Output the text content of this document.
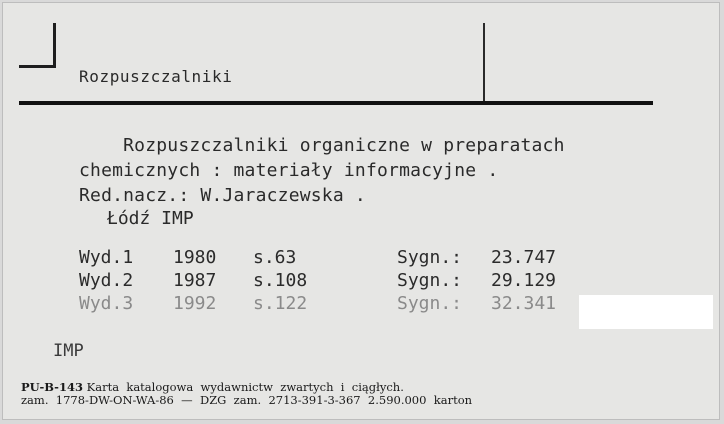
Rozpuszczalniki
Rozpuszczalniki organiczne w preparatach
chemicznych : materiały informacyjne .
Red.nacz.: W.Jaraczewska .
Łódź IMP
Wyd.1 1980 s.63	Sygn.: 23.747
Wyd.2 1987 s.108	Sygn.: 29.129
Wyd.3 1992 s.122	Sygn.: 32.341
IMP
PU-B-143 Karta  katalogowa  wydawnictw  zwartych  i  ciągłych.
zam.  1778-DW-ON-WA-86  —  DZG  zam.  2713-391-3-367  2.590.000  karton
